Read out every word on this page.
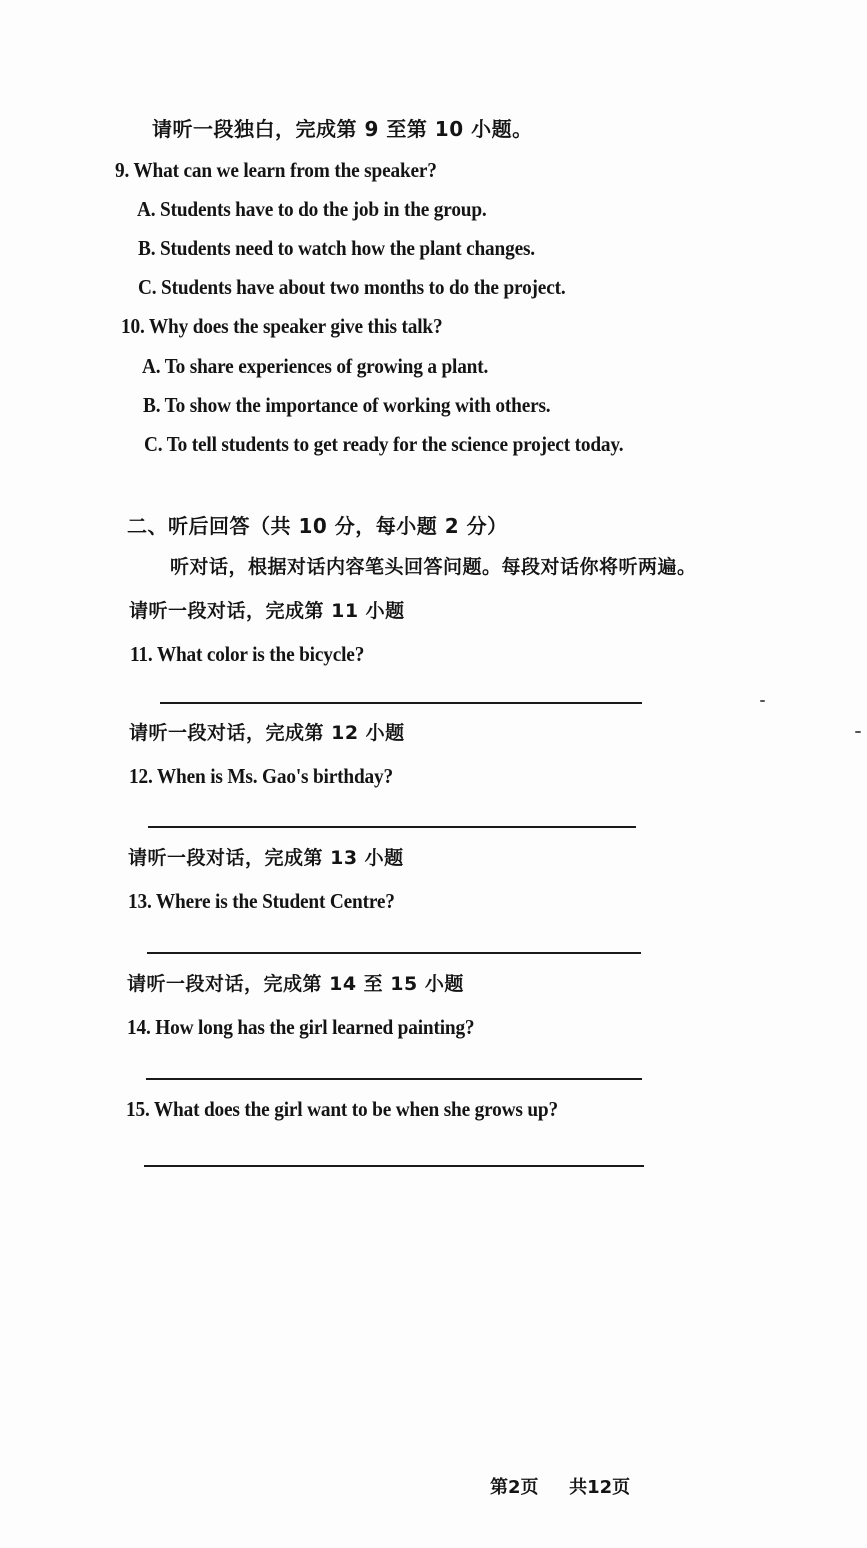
请听一段独白，完成第 9 至第 10 小题。
9. What can we learn from the speaker?
A. Students have to do the job in the group.
B. Students need to watch how the plant changes.
C. Students have about two months to do the project.
10. Why does the speaker give this talk?
A. To share experiences of growing a plant.
B. To show the importance of working with others.
C. To tell students to get ready for the science project today.
二、听后回答（共 10 分，每小题 2 分）
听对话，根据对话内容笔头回答问题。每段对话你将听两遍。
请听一段对话，完成第 11 小题
11. What color is the bicycle?
请听一段对话，完成第 12 小题
12. When is Ms. Gao's birthday?
请听一段对话，完成第 13 小题
13. Where is the Student Centre?
请听一段对话，完成第 14 至 15 小题
14. How long has the girl learned painting?
15. What does the girl want to be when she grows up?
第2页 共12页
